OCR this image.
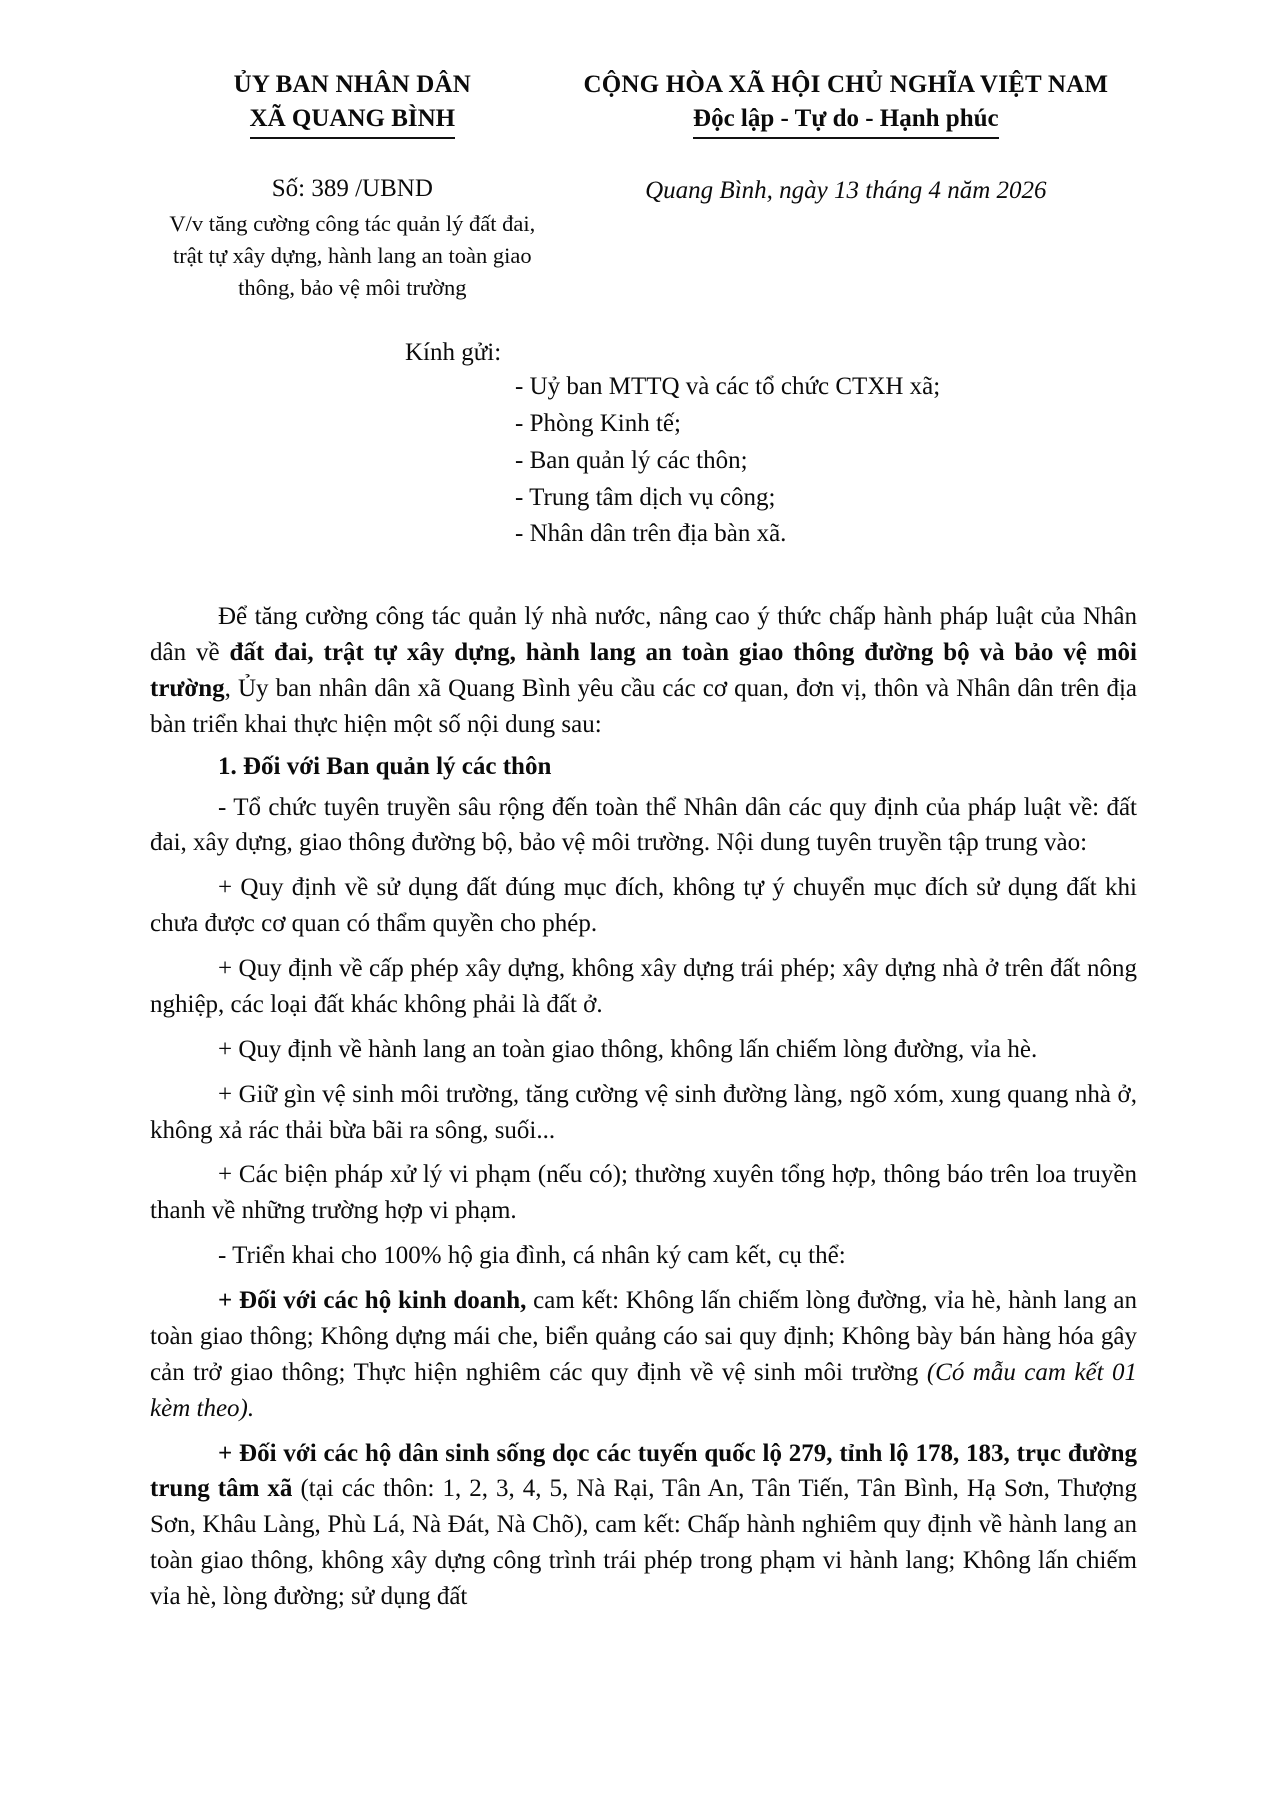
ỦY BAN NHÂN DÂN
XÃ QUANG BÌNH
Số: 389 /UBND
V/v tăng cường công tác quản lý đất đai, trật tự xây dựng, hành lang an toàn giao thông, bảo vệ môi trường
CỘNG HÒA XÃ HỘI CHỦ NGHĨA VIỆT NAM
Độc lập - Tự do - Hạnh phúc
Quang Bình, ngày 13 tháng 4 năm 2026
Kính gửi:
- Uỷ ban MTTQ và các tổ chức CTXH xã;
- Phòng Kinh tế;
- Ban quản lý các thôn;
- Trung tâm dịch vụ công;
- Nhân dân trên địa bàn xã.

Để tăng cường công tác quản lý nhà nước, nâng cao ý thức chấp hành pháp luật của Nhân dân về đất đai, trật tự xây dựng, hành lang an toàn giao thông đường bộ và bảo vệ môi trường, Ủy ban nhân dân xã Quang Bình yêu cầu các cơ quan, đơn vị, thôn và Nhân dân trên địa bàn triển khai thực hiện một số nội dung sau:

1. Đối với Ban quản lý các thôn

- Tổ chức tuyên truyền sâu rộng đến toàn thể Nhân dân các quy định của pháp luật về: đất đai, xây dựng, giao thông đường bộ, bảo vệ môi trường. Nội dung tuyên truyền tập trung vào:

+ Quy định về sử dụng đất đúng mục đích, không tự ý chuyển mục đích sử dụng đất khi chưa được cơ quan có thẩm quyền cho phép.

+ Quy định về cấp phép xây dựng, không xây dựng trái phép; xây dựng nhà ở trên đất nông nghiệp, các loại đất khác không phải là đất ở.

+ Quy định về hành lang an toàn giao thông, không lấn chiếm lòng đường, vỉa hè.

+ Giữ gìn vệ sinh môi trường, tăng cường vệ sinh đường làng, ngõ xóm, xung quang nhà ở, không xả rác thải bừa bãi ra sông, suối...

+ Các biện pháp xử lý vi phạm (nếu có); thường xuyên tổng hợp, thông báo trên loa truyền thanh về những trường hợp vi phạm.

- Triển khai cho 100% hộ gia đình, cá nhân ký cam kết, cụ thể:

+ Đối với các hộ kinh doanh, cam kết: Không lấn chiếm lòng đường, vỉa hè, hành lang an toàn giao thông; Không dựng mái che, biển quảng cáo sai quy định; Không bày bán hàng hóa gây cản trở giao thông; Thực hiện nghiêm các quy định về vệ sinh môi trường (Có mẫu cam kết 01 kèm theo).

+ Đối với các hộ dân sinh sống dọc các tuyến quốc lộ 279, tỉnh lộ 178, 183, trục đường trung tâm xã (tại các thôn: 1, 2, 3, 4, 5, Nà Rại, Tân An, Tân Tiến, Tân Bình, Hạ Sơn, Thượng Sơn, Khâu Làng, Phù Lá, Nà Đát, Nà Chõ), cam kết: Chấp hành nghiêm quy định về hành lang an toàn giao thông, không xây dựng công trình trái phép trong phạm vi hành lang; Không lấn chiếm vỉa hè, lòng đường; sử dụng đất
